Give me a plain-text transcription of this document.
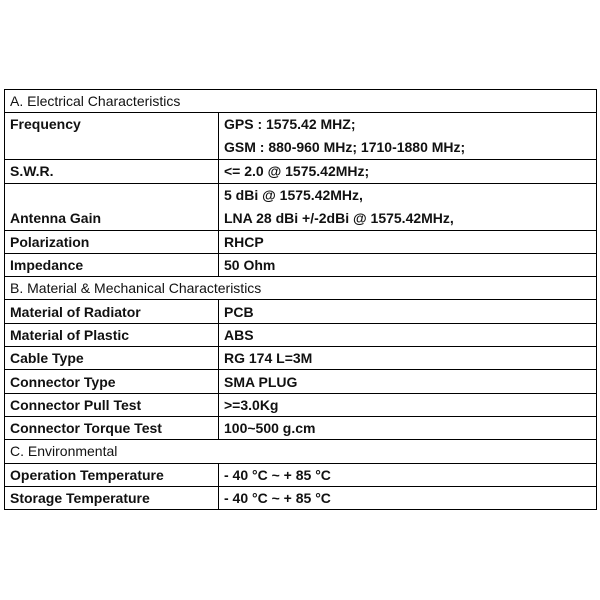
A. Electrical Characteristics	
Frequency	GPS : 1575.42 MHZ;
GSM : 880-960 MHz; 1710-1880 MHz;

S.W.R.	<= 2.0 @ 1575.42MHz;
Antenna Gain	5 dBi @ 1575.42MHz,
LNA 28 dBi +/-2dBi @ 1575.42MHz,

Polarization	RHCP
Impedance	50 Ohm
B. Material & Mechanical Characteristics	
Material of Radiator	PCB
Material of Plastic	ABS
Cable Type	RG 174 L=3M
Connector Type	SMA PLUG
Connector Pull Test	>=3.0Kg
Connector Torque Test	100~500 g.cm
C. Environmental	
Operation Temperature	- 40 °C ~ + 85 °C
Storage Temperature	- 40 °C ~ + 85 °C
